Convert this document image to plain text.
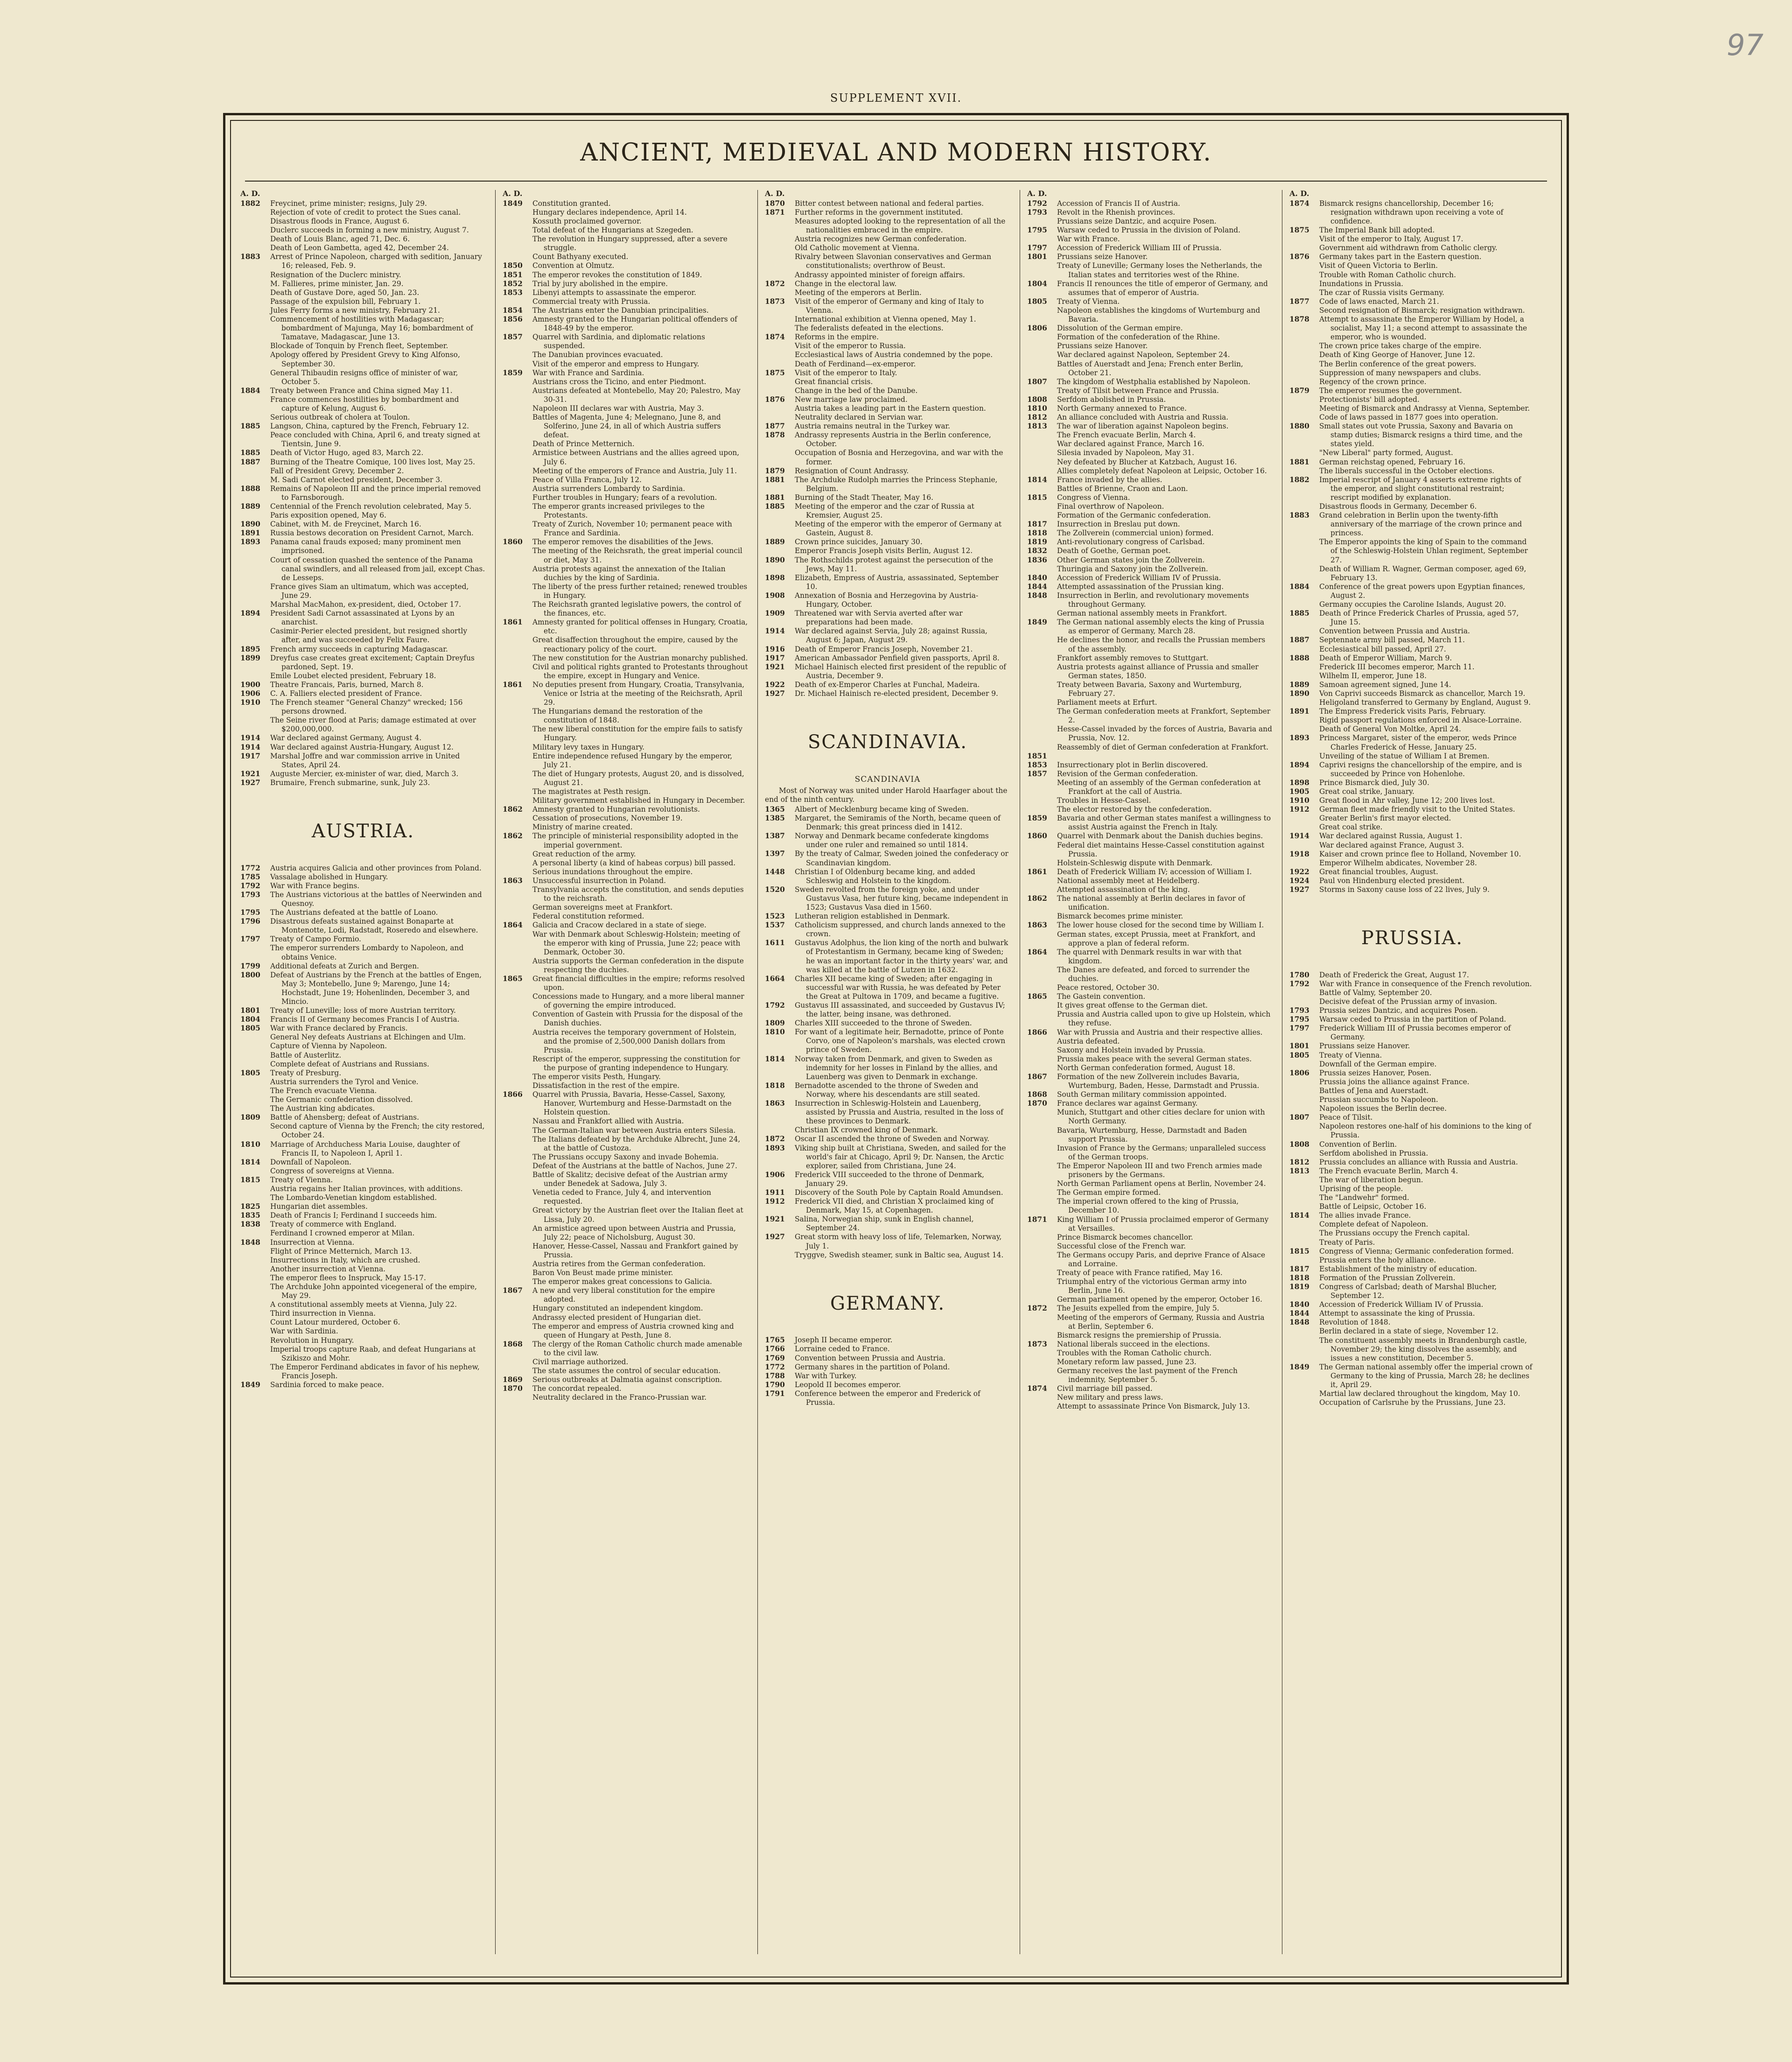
97
SUPPLEMENT XVII.
ANCIENT, MEDIEVAL AND MODERN HISTORY.
A. D.
1882	Freycinet, prime minister; resigns, July 29.
Rejection of vote of credit to protect the Sues canal.
Disastrous floods in France, August 6.
Duclerc succeeds in forming a new ministry, August 7.
Death of Louis Blanc, aged 71, Dec. 6.
Death of Leon Gambetta, aged 42, December 24.
1883	Arrest of Prince Napoleon, charged with sedition, January 16; released, Feb. 9.
Resignation of the Duclerc ministry.
M. Fallieres, prime minister, Jan. 29.
Death of Gustave Dore, aged 50, Jan. 23.
Passage of the expulsion bill, February 1.
Jules Ferry forms a new ministry, February 21.
Commencement of hostilities with Madagascar; bombardment of Majunga, May 16; bombardment of Tamatave, Madagascar, June 13.
Blockade of Tonquin by French fleet, September.
Apology offered by President Grevy to King Alfonso, September 30.
General Thibaudin resigns office of minister of war, October 5.
1884	Treaty between France and China signed May 11.
France commences hostilities by bombardment and capture of Kelung, August 6.
Serious outbreak of cholera at Toulon.
1885	Langson, China, captured by the French, February 12.
Peace concluded with China, April 6, and treaty signed at Tientsin, June 9.
1885	Death of Victor Hugo, aged 83, March 22.
1887	Burning of the Theatre Comique, 100 lives lost, May 25.
Fall of President Grevy, December 2.
M. Sadi Carnot elected president, December 3.
1888	Remains of Napoleon III and the prince imperial removed to Farnsborough.
1889	Centennial of the French revolution celebrated, May 5.
Paris exposition opened, May 6.
1890	Cabinet, with M. de Freycinet, March 16.
1891	Russia bestows decoration on President Carnot, March.
1893	Panama canal frauds exposed; many prominent men imprisoned.
Court of cessation quashed the sentence of the Panama canal swindlers, and all released from jail, except Chas. de Lesseps.
France gives Siam an ultimatum, which was accepted, June 29.
Marshal MacMahon, ex-president, died, October 17.
1894	President Sadi Carnot assassinated at Lyons by an anarchist.
Casimir-Perier elected president, but resigned shortly after, and was succeeded by Felix Faure.
1895	French army succeeds in capturing Madagascar.
1899	Dreyfus case creates great excitement; Captain Dreyfus pardoned, Sept. 19.
Emile Loubet elected president, February 18.
1900	Theatre Francais, Paris, burned, March 8.
1906	C. A. Falliers elected president of France.
1910	The French steamer "General Chanzy" wrecked; 156 persons drowned.
The Seine river flood at Paris; damage estimated at over $200,000,000.
1914	War declared against Germany, August 4.
1914	War declared against Austria-Hungary, August 12.
1917	Marshal Joffre and war commission arrive in United States, April 24.
1921	Auguste Mercier, ex-minister of war, died, March 3.
1927	Brumaire, French submarine, sunk, July 23.
AUSTRIA.
1772	Austria acquires Galicia and other provinces from Poland.
1785	Vassalage abolished in Hungary.
1792	War with France begins.
1793	The Austrians victorious at the battles of Neerwinden and Quesnoy.
1795	The Austrians defeated at the battle of Loano.
1796	Disastrous defeats sustained against Bonaparte at Montenotte, Lodi, Radstadt, Roseredo and elsewhere.
1797	Treaty of Campo Formio.
The emperor surrenders Lombardy to Napoleon, and obtains Venice.
1799	Additional defeats at Zurich and Bergen.
1800	Defeat of Austrians by the French at the battles of Engen, May 3; Montebello, June 9; Marengo, June 14; Hochstadt, June 19; Hohenlinden, December 3, and Mincio.
1801	Treaty of Luneville; loss of more Austrian territory.
1804	Francis II of Germany becomes Francis I of Austria.
1805	War with France declared by Francis.
General Ney defeats Austrians at Elchingen and Ulm.
Capture of Vienna by Napoleon.
Battle of Austerlitz.
Complete defeat of Austrians and Russians.
1805	Treaty of Presburg.
Austria surrenders the Tyrol and Venice.
The French evacuate Vienna.
The Germanic confederation dissolved.
The Austrian king abdicates.
1809	Battle of Ahensberg; defeat of Austrians.
Second capture of Vienna by the French; the city restored, October 24.
1810	Marriage of Archduchess Maria Louise, daughter of Francis II, to Napoleon I, April 1.
1814	Downfall of Napoleon.
Congress of sovereigns at Vienna.
1815	Treaty of Vienna.
Austria regains her Italian provinces, with additions.
The Lombardo-Venetian kingdom established.
1825	Hungarian diet assembles.
1835	Death of Francis I; Ferdinand I succeeds him.
1838	Treaty of commerce with England.
Ferdinand I crowned emperor at Milan.
1848	Insurrection at Vienna.
Flight of Prince Metternich, March 13.
Insurrections in Italy, which are crushed.
Another insurrection at Vienna.
The emperor flees to Inspruck, May 15-17.
The Archduke John appointed vicegeneral of the empire, May 29.
A constitutional assembly meets at Vienna, July 22.
Third insurrection in Vienna.
Count Latour murdered, October 6.
War with Sardinia.
Revolution in Hungary.
Imperial troops capture Raab, and defeat Hungarians at Szikiszo and Mohr.
The Emperor Ferdinand abdicates in favor of his nephew, Francis Joseph.
1849	Sardinia forced to make peace.
A. D.
1849	Constitution granted.
Hungary declares independence, April 14.
Kossuth proclaimed governor.
Total defeat of the Hungarians at Szegeden.
The revolution in Hungary suppressed, after a severe struggle.
Count Bathyany executed.
1850	Convention at Olmutz.
1851	The emperor revokes the constitution of 1849.
1852	Trial by jury abolished in the empire.
1853	Libenyi attempts to assassinate the emperor.
Commercial treaty with Prussia.
1854	The Austrians enter the Danubian principalities.
1856	Amnesty granted to the Hungarian political offenders of 1848-49 by the emperor.
1857	Quarrel with Sardinia, and diplomatic relations suspended.
The Danubian provinces evacuated.
Visit of the emperor and empress to Hungary.
1859	War with France and Sardinia.
Austrians cross the Ticino, and enter Piedmont.
Austrians defeated at Montebello, May 20; Palestro, May 30-31.
Napoleon III declares war with Austria, May 3.
Battles of Magenta, June 4; Melegnano, June 8, and Solferino, June 24, in all of which Austria suffers defeat.
Death of Prince Metternich.
Armistice between Austrians and the allies agreed upon, July 6.
Meeting of the emperors of France and Austria, July 11.
Peace of Villa Franca, July 12.
Austria surrenders Lombardy to Sardinia.
Further troubles in Hungary; fears of a revolution.
The emperor grants increased privileges to the Protestants.
Treaty of Zurich, November 10; permanent peace with France and Sardinia.
1860	The emperor removes the disabilities of the Jews.
The meeting of the Reichsrath, the great imperial council or diet, May 31.
Austria protests against the annexation of the Italian duchies by the king of Sardinia.
The liberty of the press further retained; renewed troubles in Hungary.
The Reichsrath granted legislative powers, the control of the finances, etc.
1861	Amnesty granted for political offenses in Hungary, Croatia, etc.
Great disaffection throughout the empire, caused by the reactionary policy of the court.
The new constitution for the Austrian monarchy published.
Civil and political rights granted to Protestants throughout the empire, except in Hungary and Venice.
1861	No deputies present from Hungary, Croatia, Transylvania, Venice or Istria at the meeting of the Reichsrath, April 29.
The Hungarians demand the restoration of the constitution of 1848.
The new liberal constitution for the empire fails to satisfy Hungary.
Military levy taxes in Hungary.
Entire independence refused Hungary by the emperor, July 21.
The diet of Hungary protests, August 20, and is dissolved, August 21.
The magistrates at Pesth resign.
Military government established in Hungary in December.
1862	Amnesty granted to Hungarian revolutionists.
Cessation of prosecutions, November 19.
Ministry of marine created.
1862	The principle of ministerial responsibility adopted in the imperial government.
Great reduction of the army.
A personal liberty (a kind of habeas corpus) bill passed.
Serious inundations throughout the empire.
1863	Unsuccessful insurrection in Poland.
Transylvania accepts the constitution, and sends deputies to the reichsrath.
German sovereigns meet at Frankfort.
Federal constitution reformed.
1864	Galicia and Cracow declared in a state of siege.
War with Denmark about Schleswig-Holstein; meeting of the emperor with king of Prussia, June 22; peace with Denmark, October 30.
Austria supports the German confederation in the dispute respecting the duchies.
1865	Great financial difficulties in the empire; reforms resolved upon.
Concessions made to Hungary, and a more liberal manner of governing the empire introduced.
Convention of Gastein with Prussia for the disposal of the Danish duchies.
Austria receives the temporary government of Holstein, and the promise of 2,500,000 Danish dollars from Prussia.
Rescript of the emperor, suppressing the constitution for the purpose of granting independence to Hungary.
The emperor visits Pesth, Hungary.
Dissatisfaction in the rest of the empire.
1866	Quarrel with Prussia, Bavaria, Hesse-Cassel, Saxony, Hanover, Wurtemburg and Hesse-Darmstadt on the Holstein question.
Nassau and Frankfort allied with Austria.
The German-Italian war between Austria enters Silesia.
The Italians defeated by the Archduke Albrecht, June 24, at the battle of Custoza.
The Prussians occupy Saxony and invade Bohemia.
Defeat of the Austrians at the battle of Nachos, June 27.
Battle of Skalitz; decisive defeat of the Austrian army under Benedek at Sadowa, July 3.
Venetia ceded to France, July 4, and intervention requested.
Great victory by the Austrian fleet over the Italian fleet at Lissa, July 20.
An armistice agreed upon between Austria and Prussia, July 22; peace of Nicholsburg, August 30.
Hanover, Hesse-Cassel, Nassau and Frankfort gained by Prussia.
Austria retires from the German confederation.
Baron Von Beust made prime minister.
The emperor makes great concessions to Galicia.
1867	A new and very liberal constitution for the empire adopted.
Hungary constituted an independent kingdom.
Andrassy elected president of Hungarian diet.
The emperor and empress of Austria crowned king and queen of Hungary at Pesth, June 8.
1868	The clergy of the Roman Catholic church made amenable to the civil law.
Civil marriage authorized.
The state assumes the control of secular education.
1869	Serious outbreaks at Dalmatia against conscription.
1870	The concordat repealed.
Neutrality declared in the Franco-Prussian war.
A. D.
1870	Bitter contest between national and federal parties.
1871	Further reforms in the government instituted.
Measures adopted looking to the representation of all the nationalities embraced in the empire.
Austria recognizes new German confederation.
Old Catholic movement at Vienna.
Rivalry between Slavonian conservatives and German constitutionalists; overthrow of Beust.
Andrassy appointed minister of foreign affairs.
1872	Change in the electoral law.
Meeting of the emperors at Berlin.
1873	Visit of the emperor of Germany and king of Italy to Vienna.
International exhibition at Vienna opened, May 1.
The federalists defeated in the elections.
1874	Reforms in the empire.
Visit of the emperor to Russia.
Ecclesiastical laws of Austria condemned by the pope.
Death of Ferdinand—ex-emperor.
1875	Visit of the emperor to Italy.
Great financial crisis.
Change in the bed of the Danube.
1876	New marriage law proclaimed.
Austria takes a leading part in the Eastern question.
Neutrality declared in Servian war.
1877	Austria remains neutral in the Turkey war.
1878	Andrassy represents Austria in the Berlin conference, October.
Occupation of Bosnia and Herzegovina, and war with the former.
1879	Resignation of Count Andrassy.
1881	The Archduke Rudolph marries the Princess Stephanie, Belgium.
1881	Burning of the Stadt Theater, May 16.
1885	Meeting of the emperor and the czar of Russia at Kremsier, August 25.
Meeting of the emperor with the emperor of Germany at Gastein, August 8.
1889	Crown prince suicides, January 30.
Emperor Francis Joseph visits Berlin, August 12.
1890	The Rothschilds protest against the persecution of the Jews, May 11.
1898	Elizabeth, Empress of Austria, assassinated, September 10.
1908	Annexation of Bosnia and Herzegovina by Austria-Hungary, October.
1909	Threatened war with Servia averted after war preparations had been made.
1914	War declared against Servia, July 28; against Russia, August 6; Japan, August 29.
1916	Death of Emperor Francis Joseph, November 21.
1917	American Ambassador Penfield given passports, April 8.
1921	Michael Hainisch elected first president of the republic of Austria, December 9.
1922	Death of ex-Emperor Charles at Funchal, Madeira.
1927	Dr. Michael Hainisch re-elected president, December 9.
SCANDINAVIA.
SCANDINAVIA
Most of Norway was united under Harold Haarfager about the end of the ninth century.
1365	Albert of Mecklenburg became king of Sweden.
1385	Margaret, the Semiramis of the North, became queen of Denmark; this great princess died in 1412.
1387	Norway and Denmark became confederate kingdoms under one ruler and remained so until 1814.
1397	By the treaty of Calmar, Sweden joined the confederacy or Scandinavian kingdom.
1448	Christian I of Oldenburg became king, and added Schleswig and Holstein to the kingdom.
1520	Sweden revolted from the foreign yoke, and under Gustavus Vasa, her future king, became independent in 1523; Gustavus Vasa died in 1560.
1523	Lutheran religion established in Denmark.
1537	Catholicism suppressed, and church lands annexed to the crown.
1611	Gustavus Adolphus, the lion king of the north and bulwark of Protestantism in Germany, became king of Sweden; he was an important factor in the thirty years' war, and was killed at the battle of Lutzen in 1632.
1664	Charles XII became king of Sweden; after engaging in successful war with Russia, he was defeated by Peter the Great at Pultowa in 1709, and became a fugitive.
1792	Gustavus III assassinated, and succeeded by Gustavus IV; the latter, being insane, was dethroned.
1809	Charles XIII succeeded to the throne of Sweden.
1810	For want of a legitimate heir, Bernadotte, prince of Ponte Corvo, one of Napoleon's marshals, was elected crown prince of Sweden.
1814	Norway taken from Denmark, and given to Sweden as indemnity for her losses in Finland by the allies, and Lauenberg was given to Denmark in exchange.
1818	Bernadotte ascended to the throne of Sweden and Norway, where his descendants are still seated.
1863	Insurrection in Schleswig-Holstein and Lauenberg, assisted by Prussia and Austria, resulted in the loss of these provinces to Denmark.
Christian IX crowned king of Denmark.
1872	Oscar II ascended the throne of Sweden and Norway.
1893	Viking ship built at Christiana, Sweden, and sailed for the world's fair at Chicago, April 9; Dr. Nansen, the Arctic explorer, sailed from Christiana, June 24.
1906	Frederick VIII succeeded to the throne of Denmark, January 29.
1911	Discovery of the South Pole by Captain Roald Amundsen.
1912	Frederick VII died, and Christian X proclaimed king of Denmark, May 15, at Copenhagen.
1921	Salina, Norwegian ship, sunk in English channel, September 24.
1927	Great storm with heavy loss of life, Telemarken, Norway, July 1.
Tryggve, Swedish steamer, sunk in Baltic sea, August 14.
GERMANY.
1765	Joseph II became emperor.
1766	Lorraine ceded to France.
1769	Convention between Prussia and Austria.
1772	Germany shares in the partition of Poland.
1788	War with Turkey.
1790	Leopold II becomes emperor.
1791	Conference between the emperor and Frederick of Prussia.
A. D.
1792	Accession of Francis II of Austria.
1793	Revolt in the Rhenish provinces.
Prussians seize Dantzic, and acquire Posen.
1795	Warsaw ceded to Prussia in the division of Poland.
War with France.
1797	Accession of Frederick William III of Prussia.
1801	Prussians seize Hanover.
Treaty of Luneville; Germany loses the Netherlands, the Italian states and territories west of the Rhine.
1804	Francis II renounces the title of emperor of Germany, and assumes that of emperor of Austria.
1805	Treaty of Vienna.
Napoleon establishes the kingdoms of Wurtemburg and Bavaria.
1806	Dissolution of the German empire.
Formation of the confederation of the Rhine.
Prussians seize Hanover.
War declared against Napoleon, September 24.
Battles of Auerstadt and Jena; French enter Berlin, October 21.
1807	The kingdom of Westphalia established by Napoleon.
Treaty of Tilsit between France and Prussia.
1808	Serfdom abolished in Prussia.
1810	North Germany annexed to France.
1812	An alliance concluded with Austria and Russia.
1813	The war of liberation against Napoleon begins.
The French evacuate Berlin, March 4.
War declared against France, March 16.
Silesia invaded by Napoleon, May 31.
Ney defeated by Blucher at Katzbach, August 16.
Allies completely defeat Napoleon at Leipsic, October 16.
1814	France invaded by the allies.
Battles of Brienne, Craon and Laon.
1815	Congress of Vienna.
Final overthrow of Napoleon.
Formation of the Germanic confederation.
1817	Insurrection in Breslau put down.
1818	The Zollverein (commercial union) formed.
1819	Anti-revolutionary congress of Carlsbad.
1832	Death of Goethe, German poet.
1836	Other German states join the Zollverein.
Thuringia and Saxony join the Zollverein.
1840	Accession of Frederick William IV of Prussia.
1844	Attempted assassination of the Prussian king.
1848	Insurrection in Berlin, and revolutionary movements throughout Germany.
German national assembly meets in Frankfort.
1849	The German national assembly elects the king of Prussia as emperor of Germany, March 28.
He declines the honor, and recalls the Prussian members of the assembly.
Frankfort assembly removes to Stuttgart.
Austria protests against alliance of Prussia and smaller German states, 1850.
Treaty between Bavaria, Saxony and Wurtemburg, February 27.
Parliament meets at Erfurt.
The German confederation meets at Frankfort, September 2.
Hesse-Cassel invaded by the forces of Austria, Bavaria and Prussia, Nov. 12.
Reassembly of diet of German confederation at Frankfort.
1851
1853	Insurrectionary plot in Berlin discovered.
1857	Revision of the German confederation.
Meeting of an assembly of the German confederation at Frankfort at the call of Austria.
Troubles in Hesse-Cassel.
The elector restored by the confederation.
1859	Bavaria and other German states manifest a willingness to assist Austria against the French in Italy.
1860	Quarrel with Denmark about the Danish duchies begins.
Federal diet maintains Hesse-Cassel constitution against Prussia.
Holstein-Schleswig dispute with Denmark.
1861	Death of Frederick William IV; accession of William I.
National assembly meet at Heidelberg.
Attempted assassination of the king.
1862	The national assembly at Berlin declares in favor of unification.
Bismarck becomes prime minister.
1863	The lower house closed for the second time by William I.
German states, except Prussia, meet at Frankfort, and approve a plan of federal reform.
1864	The quarrel with Denmark results in war with that kingdom.
The Danes are defeated, and forced to surrender the duchies.
Peace restored, October 30.
1865	The Gastein convention.
It gives great offense to the German diet.
Prussia and Austria called upon to give up Holstein, which they refuse.
1866	War with Prussia and Austria and their respective allies.
Austria defeated.
Saxony and Holstein invaded by Prussia.
Prussia makes peace with the several German states.
North German confederation formed, August 18.
1867	Formation of the new Zollverein includes Bavaria, Wurtemburg, Baden, Hesse, Darmstadt and Prussia.
1868	South German military commission appointed.
1870	France declares war against Germany.
Munich, Stuttgart and other cities declare for union with North Germany.
Bavaria, Wurtemburg, Hesse, Darmstadt and Baden support Prussia.
Invasion of France by the Germans; unparalleled success of the German troops.
The Emperor Napoleon III and two French armies made prisoners by the Germans.
North German Parliament opens at Berlin, November 24.
The German empire formed.
The imperial crown offered to the king of Prussia, December 10.
1871	King William I of Prussia proclaimed emperor of Germany at Versailles.
Prince Bismarck becomes chancellor.
Successful close of the French war.
The Germans occupy Paris, and deprive France of Alsace and Lorraine.
Treaty of peace with France ratified, May 16.
Triumphal entry of the victorious German army into Berlin, June 16.
German parliament opened by the emperor, October 16.
1872	The Jesuits expelled from the empire, July 5.
Meeting of the emperors of Germany, Russia and Austria at Berlin, September 6.
Bismarck resigns the premiership of Prussia.
1873	National liberals succeed in the elections.
Troubles with the Roman Catholic church.
Monetary reform law passed, June 23.
Germany receives the last payment of the French indemnity, September 5.
1874	Civil marriage bill passed.
New military and press laws.
Attempt to assassinate Prince Von Bismarck, July 13.
A. D.
1874	Bismarck resigns chancellorship, December 16; resignation withdrawn upon receiving a vote of confidence.
1875	The Imperial Bank bill adopted.
Visit of the emperor to Italy, August 17.
Government aid withdrawn from Catholic clergy.
1876	Germany takes part in the Eastern question.
Visit of Queen Victoria to Berlin.
Trouble with Roman Catholic church.
Inundations in Prussia.
The czar of Russia visits Germany.
1877	Code of laws enacted, March 21.
Second resignation of Bismarck; resignation withdrawn.
1878	Attempt to assassinate the Emperor William by Hodel, a socialist, May 11; a second attempt to assassinate the emperor, who is wounded.
The crown price takes charge of the empire.
Death of King George of Hanover, June 12.
The Berlin conference of the great powers.
Suppression of many newspapers and clubs.
Regency of the crown prince.
1879	The emperor resumes the government.
Protectionists' bill adopted.
Meeting of Bismarck and Andrassy at Vienna, September.
Code of laws passed in 1877 goes into operation.
1880	Small states out vote Prussia, Saxony and Bavaria on stamp duties; Bismarck resigns a third time, and the states yield.
"New Liberal" party formed, August.
1881	German reichstag opened, February 16.
The liberals successful in the October elections.
1882	Imperial rescript of January 4 asserts extreme rights of the emperor, and slight constitutional restraint; rescript modified by explanation.
Disastrous floods in Germany, December 6.
1883	Grand celebration in Berlin upon the twenty-fifth anniversary of the marriage of the crown prince and princess.
The Emperor appoints the king of Spain to the command of the Schleswig-Holstein Uhlan regiment, September 27.
Death of William R. Wagner, German composer, aged 69, February 13.
1884	Conference of the great powers upon Egyptian finances, August 2.
Germany occupies the Caroline Islands, August 20.
1885	Death of Prince Frederick Charles of Prussia, aged 57, June 15.
Convention between Prussia and Austria.
1887	Septennate army bill passed, March 11.
Ecclesiastical bill passed, April 27.
1888	Death of Emperor William, March 9.
Frederick III becomes emperor, March 11.
Wilhelm II, emperor, June 18.
1889	Samoan agreement signed, June 14.
1890	Von Caprivi succeeds Bismarck as chancellor, March 19.
Heligoland transferred to Germany by England, August 9.
1891	The Empress Frederick visits Paris, February.
Rigid passport regulations enforced in Alsace-Lorraine.
Death of General Von Moltke, April 24.
1893	Princess Margaret, sister of the emperor, weds Prince Charles Frederick of Hesse, January 25.
Unveiling of the statue of William I at Bremen.
1894	Caprivi resigns the chancellorship of the empire, and is succeeded by Prince von Hohenlohe.
1898	Prince Bismarck died, July 30.
1905	Great coal strike, January.
1910	Great flood in Ahr valley, June 12; 200 lives lost.
1912	German fleet made friendly visit to the United States.
Greater Berlin's first mayor elected.
Great coal strike.
1914	War declared against Russia, August 1.
War declared against France, August 3.
1918	Kaiser and crown prince flee to Holland, November 10.
Emperor Wilhelm abdicates, November 28.
1922	Great financial troubles, August.
1924	Paul von Hindenburg elected president.
1927	Storms in Saxony cause loss of 22 lives, July 9.
PRUSSIA.
1780	Death of Frederick the Great, August 17.
1792	War with France in consequence of the French revolution.
Battle of Valmy, September 20.
Decisive defeat of the Prussian army of invasion.
1793	Prussia seizes Dantzic, and acquires Posen.
1795	Warsaw ceded to Prussia in the partition of Poland.
1797	Frederick William III of Prussia becomes emperor of Germany.
1801	Prussians seize Hanover.
1805	Treaty of Vienna.
Downfall of the German empire.
1806	Prussia seizes Hanover, Posen.
Prussia joins the alliance against France.
Battles of Jena and Auerstadt.
Prussian succumbs to Napoleon.
Napoleon issues the Berlin decree.
1807	Peace of Tilsit.
Napoleon restores one-half of his dominions to the king of Prussia.
1808	Convention of Berlin.
Serfdom abolished in Prussia.
1812	Prussia concludes an alliance with Russia and Austria.
1813	The French evacuate Berlin, March 4.
The war of liberation begun.
Uprising of the people.
The "Landwehr" formed.
Battle of Leipsic, October 16.
1814	The allies invade France.
Complete defeat of Napoleon.
The Prussians occupy the French capital.
Treaty of Paris.
1815	Congress of Vienna; Germanic confederation formed.
Prussia enters the holy alliance.
1817	Establishment of the ministry of education.
1818	Formation of the Prussian Zollverein.
1819	Congress of Carlsbad; death of Marshal Blucher, September 12.
1840	Accession of Frederick William IV of Prussia.
1844	Attempt to assassinate the king of Prussia.
1848	Revolution of 1848.
Berlin declared in a state of siege, November 12.
The constituent assembly meets in Brandenburgh castle, November 29; the king dissolves the assembly, and issues a new constitution, December 5.
1849	The German national assembly offer the imperial crown of Germany to the king of Prussia, March 28; he declines it, April 29.
Martial law declared throughout the kingdom, May 10.
Occupation of Carlsruhe by the Prussians, June 23.
